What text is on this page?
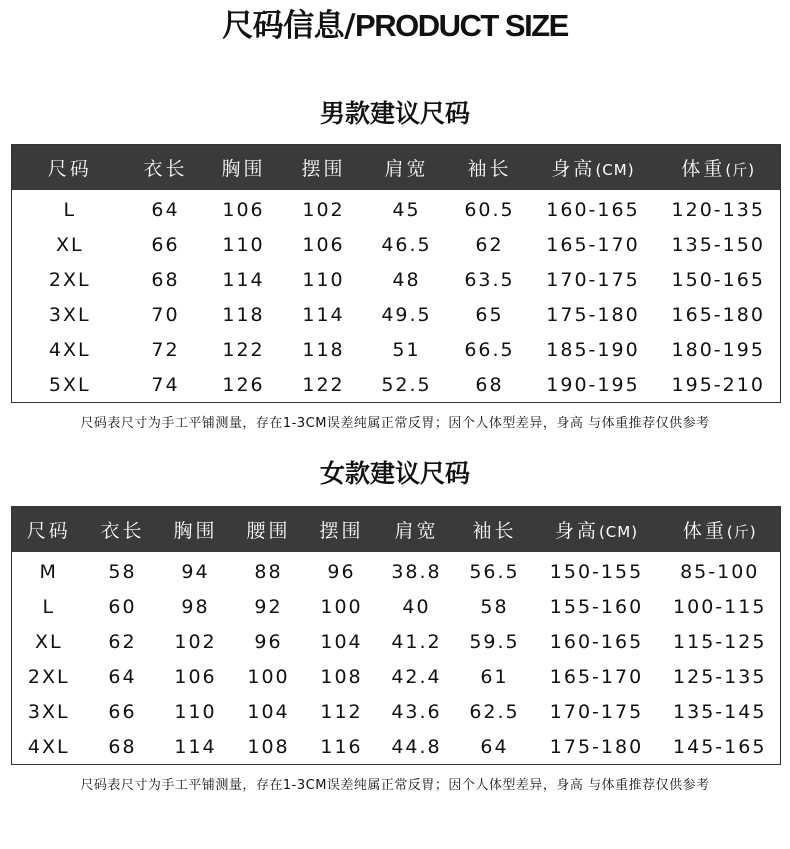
尺码信息/PRODUCT SIZE
男款建议尺码
尺码	衣长	胸围	摆围	肩宽	袖长	身高(CM)	体重(斤)
L	64	106	102	45	60.5	160-165	120-135
XL	66	110	106	46.5	62	165-170	135-150
2XL	68	114	110	48	63.5	170-175	150-165
3XL	70	118	114	49.5	65	175-180	165-180
4XL	72	122	118	51	66.5	185-190	180-195
5XL	74	126	122	52.5	68	190-195	195-210
尺码表尺寸为手工平铺测量，存在1-3CM误差纯属正常反胃；因个人体型差异，身高 与体重推荐仅供参考
女款建议尺码
尺码	衣长	胸围	腰围	摆围	肩宽	袖长	身高(CM)	体重(斤)
M	58	94	88	96	38.8	56.5	150-155	85-100
L	60	98	92	100	40	58	155-160	100-115
XL	62	102	96	104	41.2	59.5	160-165	115-125
2XL	64	106	100	108	42.4	61	165-170	125-135
3XL	66	110	104	112	43.6	62.5	170-175	135-145
4XL	68	114	108	116	44.8	64	175-180	145-165
尺码表尺寸为手工平铺测量，存在1-3CM误差纯属正常反胃；因个人体型差异，身高 与体重推荐仅供参考
